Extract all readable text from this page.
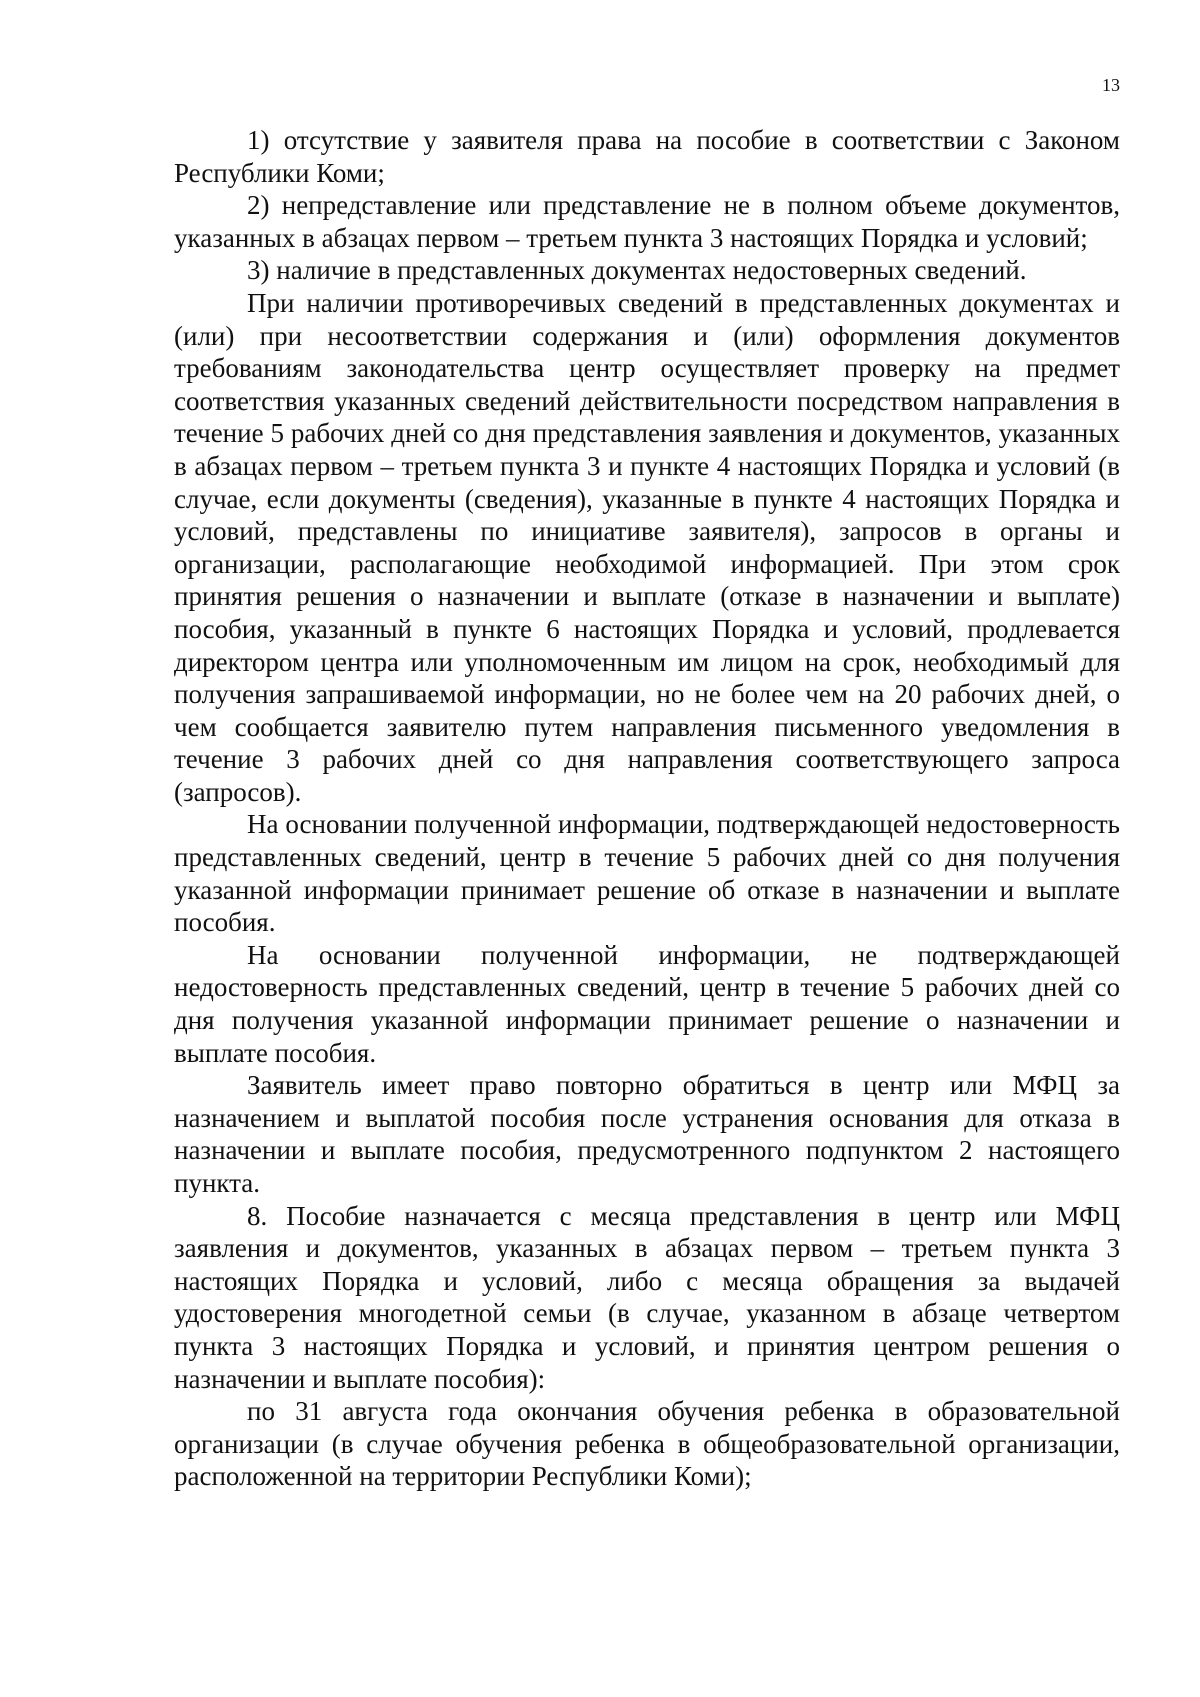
13

1) отсутствие у заявителя права на пособие в соответствии с Законом Республики Коми;

2) непредставление или представление не в полном объеме документов, указанных в абзацах первом – третьем пункта 3 настоящих Порядка и условий;

3) наличие в представленных документах недостоверных сведений.

При наличии противоречивых сведений в представленных документах и (или) при несоответствии содержания и (или) оформления документов требованиям законодательства центр осуществляет проверку на предмет соответствия указанных сведений действительности посредством направления в течение 5 рабочих дней со дня представления заявления и документов, указанных в абзацах первом – третьем пункта 3 и пункте 4 настоящих Порядка и условий (в случае, если документы (сведения), указанные в пункте 4 настоящих Порядка и условий, представлены по инициативе заявителя), запросов в органы и организации, располагающие необходимой информацией. При этом срок принятия решения о назначении и выплате (отказе в назначении и выплате) пособия, указанный в пункте 6 настоящих Порядка и условий, продлевается директором центра или уполномоченным им лицом на срок, необходимый для получения запрашиваемой информации, но не более чем на 20 рабочих дней, о чем сообщается заявителю путем направления письменного уведомления в течение 3 рабочих дней со дня направления соответствующего запроса (запросов).

На основании полученной информации, подтверждающей недостоверность представленных сведений, центр в течение 5 рабочих дней со дня получения указанной информации принимает решение об отказе в назначении и выплате пособия.

На основании полученной информации, не подтверждающей недостоверность представленных сведений, центр в течение 5 рабочих дней со дня получения указанной информации принимает решение о назначении и выплате пособия.

Заявитель имеет право повторно обратиться в центр или МФЦ за назначением и выплатой пособия после устранения основания для отказа в назначении и выплате пособия, предусмотренного подпунктом 2 настоящего пункта.

8. Пособие назначается с месяца представления в центр или МФЦ заявления и документов, указанных в абзацах первом – третьем пункта 3 настоящих Порядка и условий, либо с месяца обращения за выдачей удостоверения многодетной семьи (в случае, указанном в абзаце четвертом пункта 3 настоящих Порядка и условий, и принятия центром решения о назначении и выплате пособия):

по 31 августа года окончания обучения ребенка в образовательной организации (в случае обучения ребенка в общеобразовательной организации, расположенной на территории Республики Коми);
